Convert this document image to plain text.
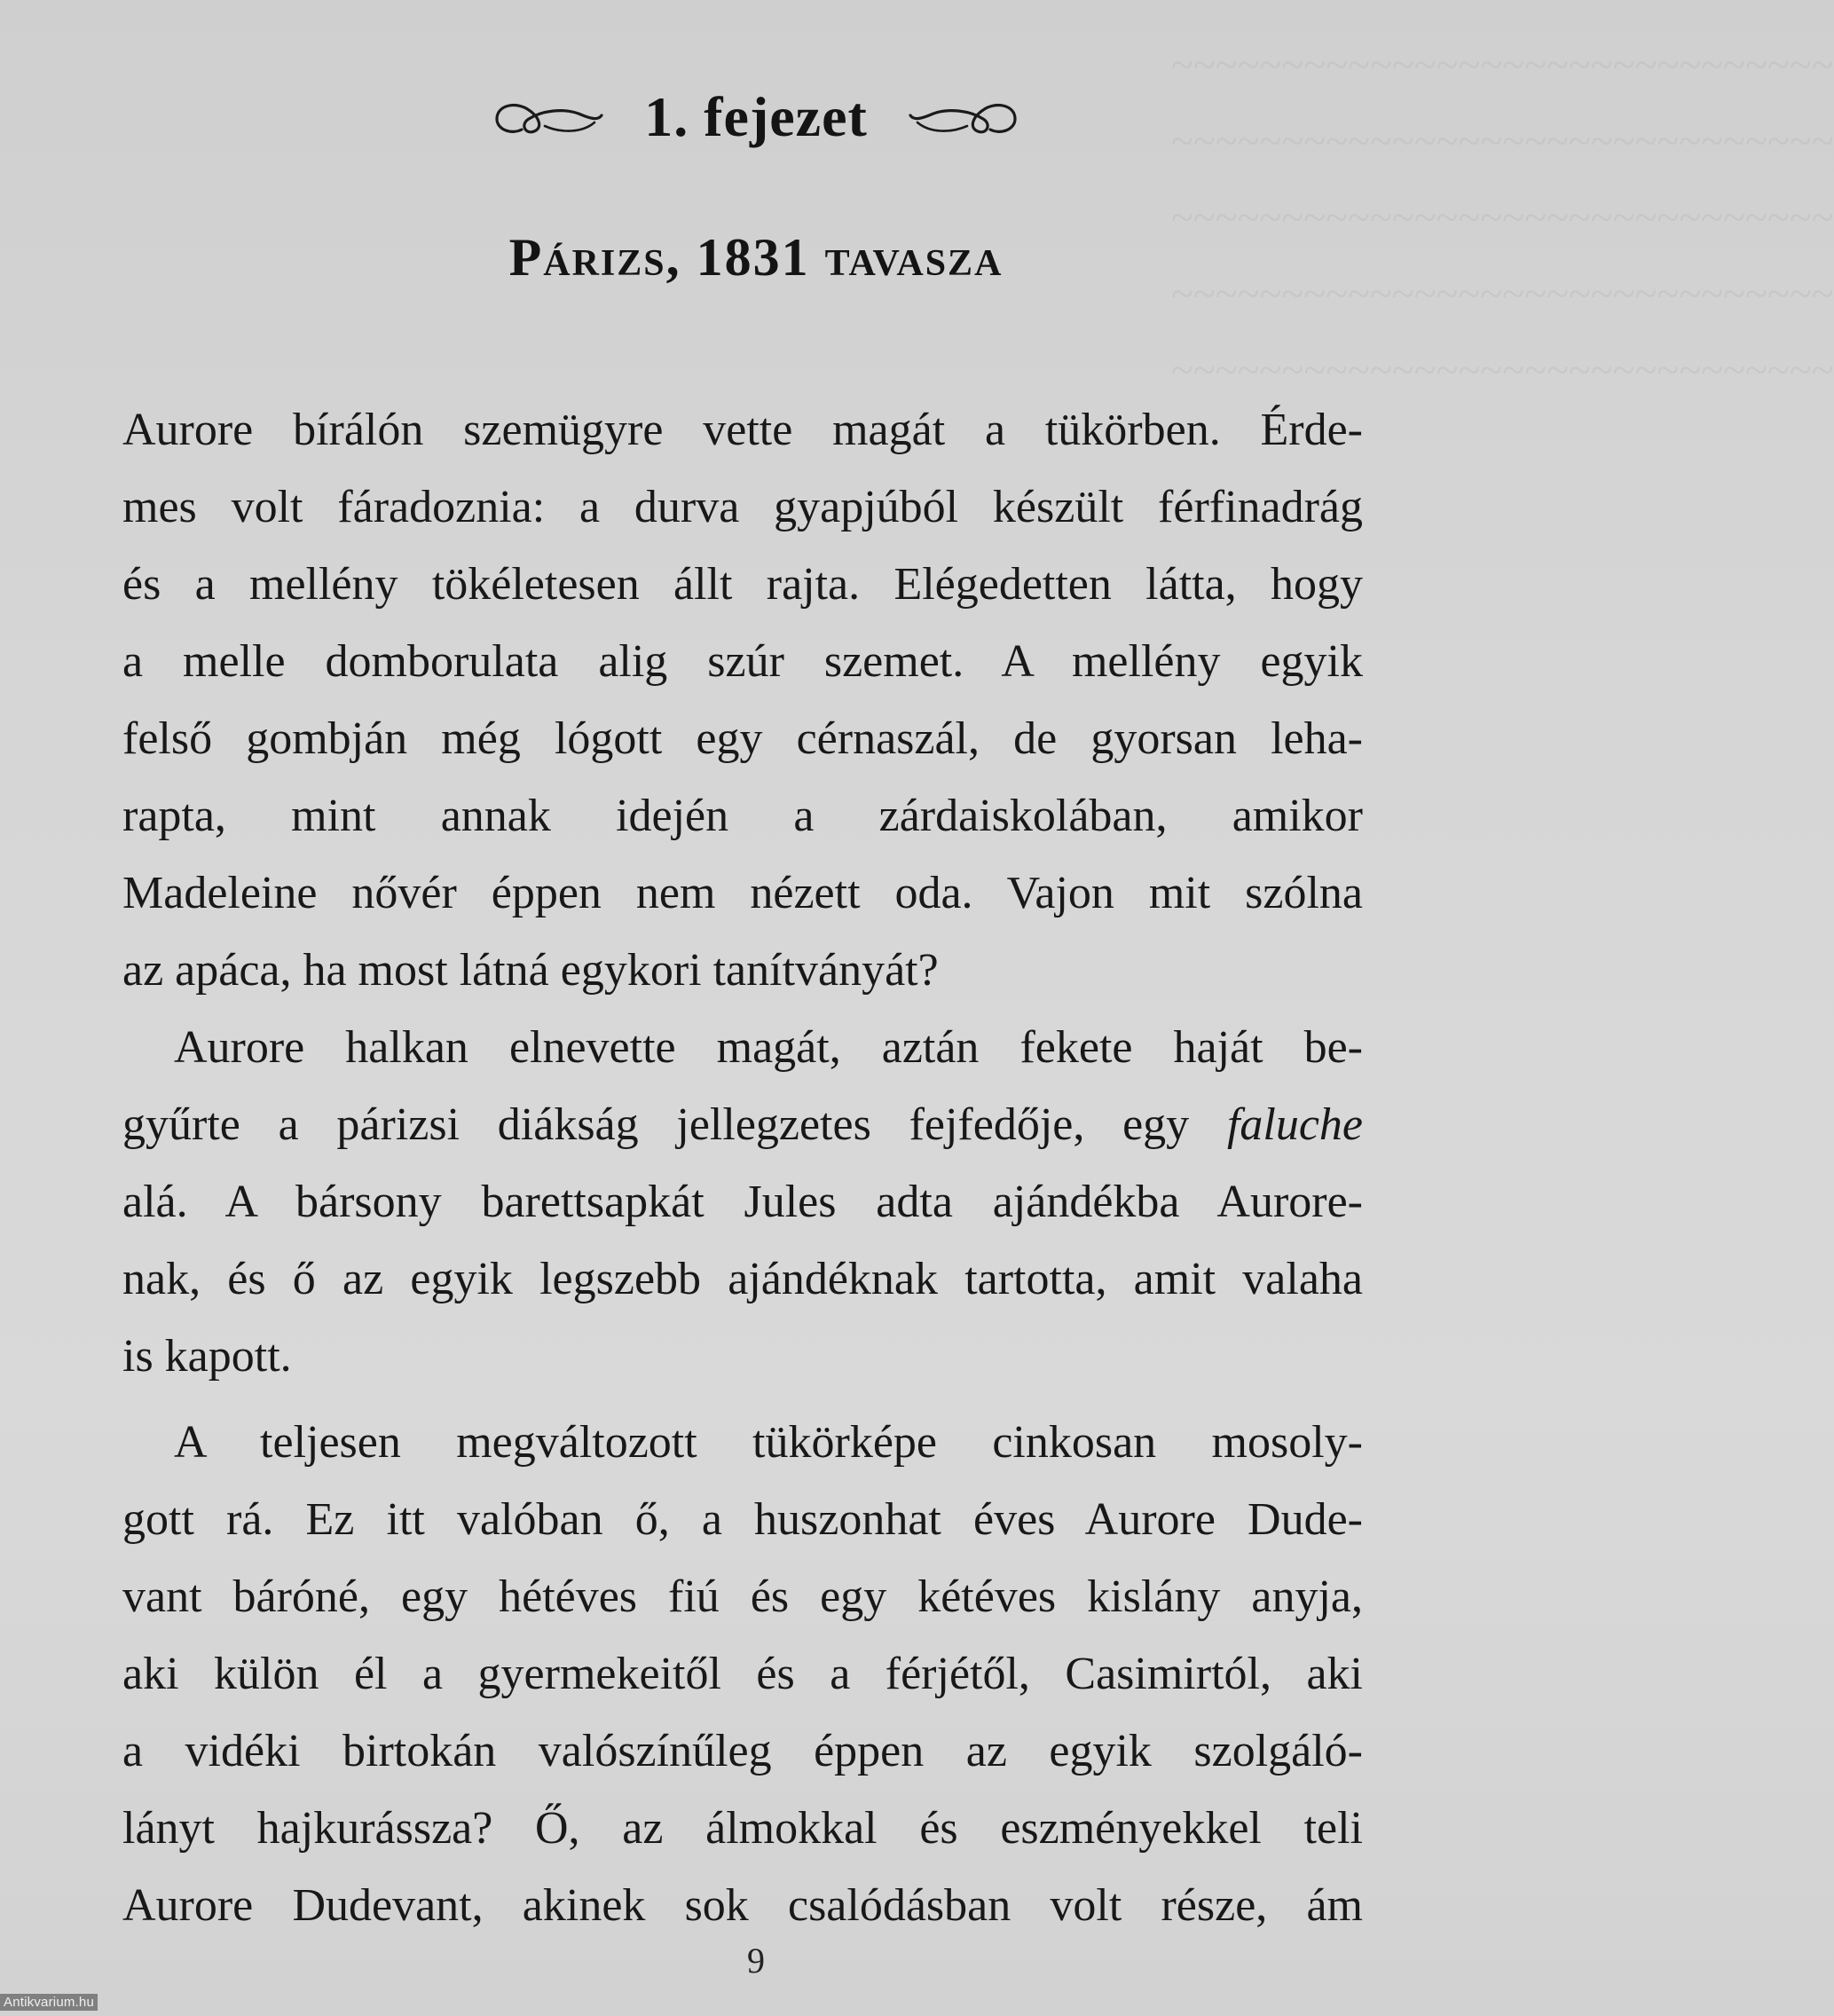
~~~~~~~~~~~~~~~~~~~~~~~~~~~~~~
~~~~~~~~~~~~~~~~~~~~~~~~~~~~~~
~~~~~~~~~~~~~~~~~~~~~~~~~~~~~~
~~~~~~~~~~~~~~~~~~~~~~~~~~~~~~
~~~~~~~~~~~~~~~~~~~~~~~~~~~~~~
1. fejezet
Párizs, 1831 tavasza

Aurore bírálón szemügyre vette magát a tükörben. Érde-
mes volt fáradoznia: a durva gyapjúból készült férfinadrág
és a mellény tökéletesen állt rajta. Elégedetten látta, hogy
a melle domborulata alig szúr szemet. A mellény egyik
felső gombján még lógott egy cérnaszál, de gyorsan leha-
rapta, mint annak idején a zárdaiskolában, amikor
Madeleine nővér éppen nem nézett oda. Vajon mit szólna
az apáca, ha most látná egykori tanítványát?

Aurore halkan elnevette magát, aztán fekete haját be-
gyűrte a párizsi diákság jellegzetes fejfedője, egy faluche
alá. A bársony barettsapkát Jules adta ajándékba Aurore-
nak, és ő az egyik legszebb ajándéknak tartotta, amit valaha
is kapott.

A teljesen megváltozott tükörképe cinkosan mosoly-
gott rá. Ez itt valóban ő, a huszonhat éves Aurore Dude-
vant báróné, egy hétéves fiú és egy kétéves kislány anyja,
aki külön él a gyermekeitől és a férjétől, Casimirtól, aki
a vidéki birtokán valószínűleg éppen az egyik szolgáló-
lányt hajkurássza? Ő, az álmokkal és eszményekkel teli
Aurore Dudevant, akinek sok csalódásban volt része, ám

9
Antikvarium.hu
